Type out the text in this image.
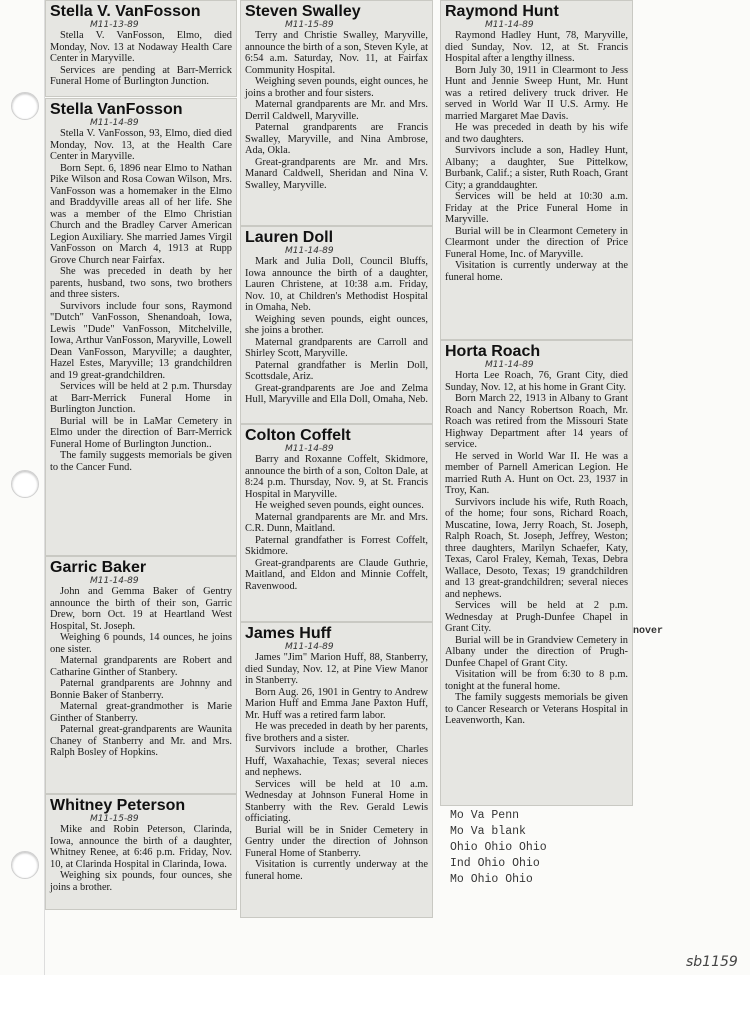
Stella V. VanFosson
M11-13-89

Stella V. VanFosson, Elmo, died Monday, Nov. 13 at Nodaway Health Care Center in Maryville.

Services are pending at Barr-Merrick Funeral Home of Burlington Junction.

Stella VanFosson
M11-14-89

Stella V. VanFosson, 93, Elmo, died died Monday, Nov. 13, at the Health Care Center in Maryville.

Born Sept. 6, 1896 near Elmo to Nathan Pike Wilson and Rosa Cowan Wilson, Mrs. VanFosson was a homemaker in the Elmo and Braddyville areas all of her life. She was a member of the Elmo Christian Church and the Bradley Carver American Legion Auxiliary. She married James Virgil VanFosson on March 4, 1913 at Rupp Grove Church near Fairfax.

She was preceded in death by her parents, husband, two sons, two brothers and three sisters.

Survivors include four sons, Raymond "Dutch" VanFosson, Shenandoah, Iowa, Lewis "Dude" VanFosson, Mitchelville, Iowa, Arthur VanFosson, Maryville, Lowell Dean VanFosson, Maryville; a daughter, Hazel Estes, Maryville; 13 grandchildren and 19 great-grandchildren.

Services will be held at 2 p.m. Thursday at Barr-Merrick Funeral Home in Burlington Junction.

Burial will be in LaMar Cemetery in Elmo under the direction of Barr-Merrick Funeral Home of Burlington Junction..

The family suggests memorials be given to the Cancer Fund.

Garric Baker
M11-14-89

John and Gemma Baker of Gentry announce the birth of their son, Garric Drew, born Oct. 19 at Heartland West Hospital, St. Joseph.

Weighing 6 pounds, 14 ounces, he joins one sister.

Maternal grandparents are Robert and Catharine Ginther of Stanbery.

Paternal grandparents are Johnny and Bonnie Baker of Stanberry.

Maternal great-grandmother is Marie Ginther of Stanberry.

Paternal great-grandparents are Waunita Chaney of Stanberry and Mr. and Mrs. Ralph Bosley of Hopkins.

Whitney Peterson
M11-15-89

Mike and Robin Peterson, Clarinda, Iowa, announce the birth of a daughter, Whitney Renee, at 6:46 p.m. Friday, Nov. 10, at Clarinda Hospital in Clarinda, Iowa.

Weighing six pounds, four ounces, she joins a brother.

Steven Swalley
M11-15-89

Terry and Christie Swalley, Maryville, announce the birth of a son, Steven Kyle, at 6:54 a.m. Saturday, Nov. 11, at Fairfax Community Hospital.

Weighing seven pounds, eight ounces, he joins a brother and four sisters.

Maternal grandparents are Mr. and Mrs. Derril Caldwell, Maryville.

Paternal grandparents are Francis Swalley, Maryville, and Nina Ambrose, Ada, Okla.

Great-grandparents are Mr. and Mrs. Manard Caldwell, Sheridan and Nina V. Swalley, Maryville.

Lauren Doll
M11-14-89

Mark and Julia Doll, Council Bluffs, Iowa announce the birth of a daughter, Lauren Christene, at 10:38 a.m. Friday, Nov. 10, at Children's Methodist Hospital in Omaha, Neb.

Weighing seven pounds, eight ounces, she joins a brother.

Maternal grandparents are Carroll and Shirley Scott, Maryville.

Paternal grandfather is Merlin Doll, Scottsdale, Ariz.

Great-grandparents are Joe and Zelma Hull, Maryville and Ella Doll, Omaha, Neb.

Colton Coffelt
M11-14-89

Barry and Roxanne Coffelt, Skidmore, announce the birth of a son, Colton Dale, at 8:24 p.m. Thursday, Nov. 9, at St. Francis Hospital in Maryville.

He weighed seven pounds, eight ounces.

Maternal grandparents are Mr. and Mrs. C.R. Dunn, Maitland.

Paternal grandfather is Forrest Coffelt, Skidmore.

Great-grandparents are Claude Guthrie, Maitland, and Eldon and Minnie Coffelt, Ravenwood.

James Huff
M11-14-89

James "Jim" Marion Huff, 88, Stanberry, died Sunday, Nov. 12, at Pine View Manor in Stanberry.

Born Aug. 26, 1901 in Gentry to Andrew Marion Huff and Emma Jane Paxton Huff, Mr. Huff was a retired farm labor.

He was preceded in death by her parents, five brothers and a sister.

Survivors include a brother, Charles Huff, Waxahachie, Texas; several nieces and nephews.

Services will be held at 10 a.m. Wednesday at Johnson Funeral Home in Stanberry with the Rev. Gerald Lewis officiating.

Burial will be in Snider Cemetery in Gentry under the direction of Johnson Funeral Home of Stanberry.

Visitation is currently underway at the funeral home.

Raymond Hunt
M11-14-89

Raymond Hadley Hunt, 78, Maryville, died Sunday, Nov. 12, at St. Francis Hospital after a lengthy illness.

Born July 30, 1911 in Clearmont to Jess Hunt and Jennie Sweep Hunt, Mr. Hunt was a retired delivery truck driver. He served in World War II U.S. Army. He married Margaret Mae Davis.

He was preceded in death by his wife and two daughters.

Survivors include a son, Hadley Hunt, Albany; a daughter, Sue Pittelkow, Burbank, Calif.; a sister, Ruth Roach, Grant City; a granddaughter.

Services will be held at 10:30 a.m. Friday at the Price Funeral Home in Maryville.

Burial will be in Clearmont Cemetery in Clearmont under the direction of Price Funeral Home, Inc. of Maryville.

Visitation is currently underway at the funeral home.

Horta Roach
M11-14-89

Horta Lee Roach, 76, Grant City, died Sunday, Nov. 12, at his home in Grant City.

Born March 22, 1913 in Albany to Grant Roach and Nancy Robertson Roach, Mr. Roach was retired from the Missouri State Highway Department after 14 years of service.

He served in World War II. He was a member of Parnell American Legion. He married Ruth A. Hunt on Oct. 23, 1937 in Troy, Kan.

Survivors include his wife, Ruth Roach, of the home; four sons, Richard Roach, Muscatine, Iowa, Jerry Roach, St. Joseph, Ralph Roach, St. Joseph, Jeffrey, Weston; three daughters, Marilyn Schaefer, Katy, Texas, Carol Fraley, Kemah, Texas, Debra Wallace, Desoto, Texas; 19 grandchildren and 13 great-grandchildren; several nieces and nephews.

Services will be held at 2 p.m. Wednesday at Prugh-Dunfee Chapel in Grant City.

Burial will be in Grandview Cemetery in Albany under the direction of Prugh-Dunfee Chapel of Grant City.

Visitation will be from 6:30 to 8 p.m. tonight at the funeral home.

The family suggests memorials be given to Cancer Research or Veterans Hospital in Leavenworth, Kan.

Mo Va Penn
Mo Va blank
Ohio Ohio Ohio
Ind Ohio Ohio
Mo Ohio Ohio
nover
sb1159
